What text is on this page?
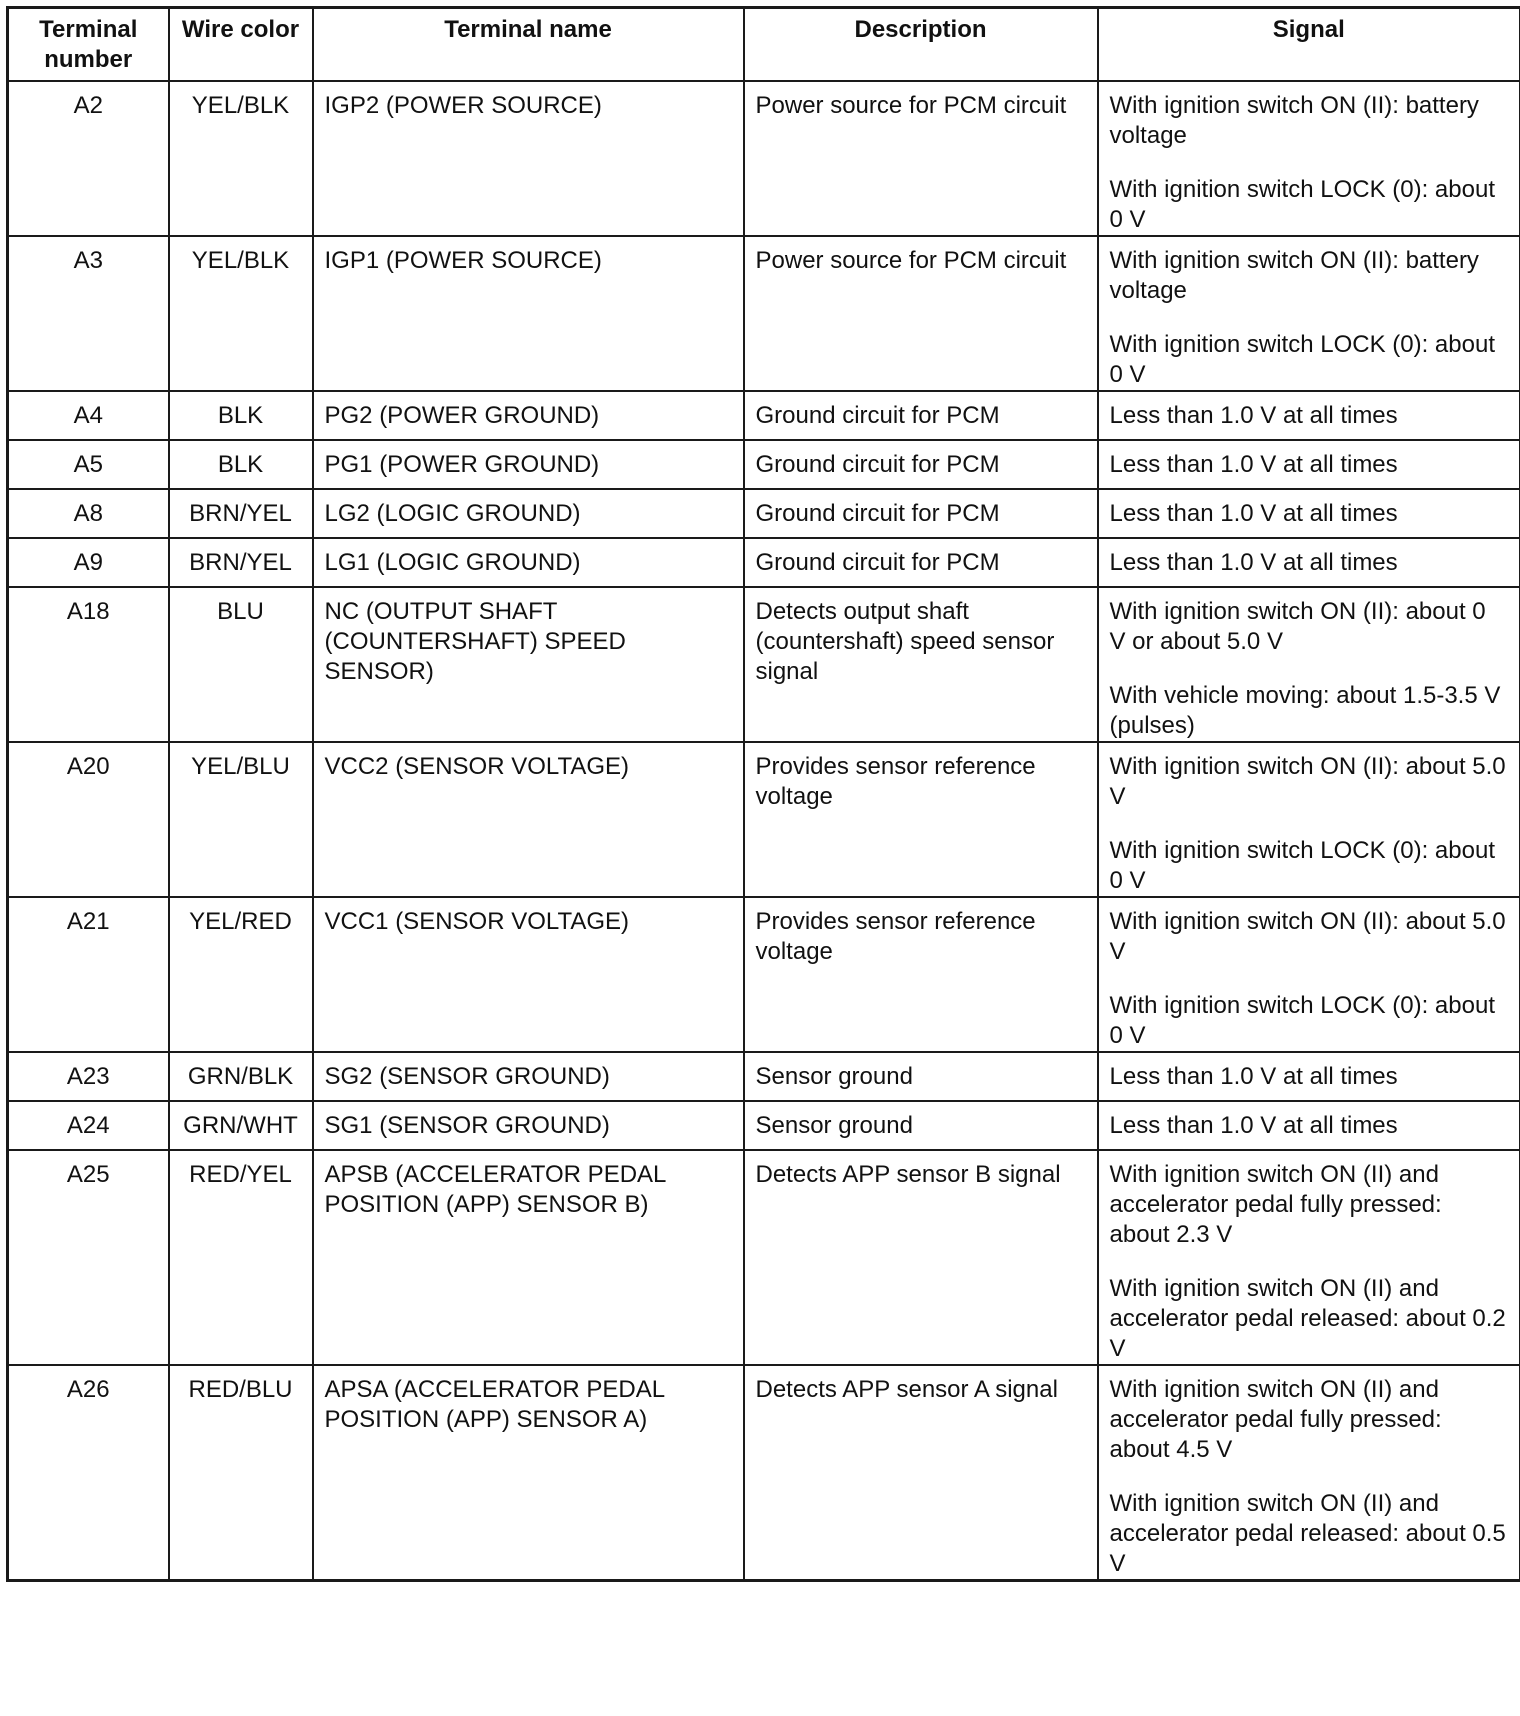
Terminal number	Wire color	Terminal name	Description	Signal
A2	YEL/BLK	IGP2 (POWER SOURCE)	Power source for PCM circuit	With ignition switch ON (II): battery voltage

With ignition switch LOCK (0): about 0 V

A3	YEL/BLK	IGP1 (POWER SOURCE)	Power source for PCM circuit	With ignition switch ON (II): battery voltage

With ignition switch LOCK (0): about 0 V

A4	BLK	PG2 (POWER GROUND)	Ground circuit for PCM	Less than 1.0 V at all times

A5	BLK	PG1 (POWER GROUND)	Ground circuit for PCM	Less than 1.0 V at all times

A8	BRN/YEL	LG2 (LOGIC GROUND)	Ground circuit for PCM	Less than 1.0 V at all times

A9	BRN/YEL	LG1 (LOGIC GROUND)	Ground circuit for PCM	Less than 1.0 V at all times

A18	BLU	NC (OUTPUT SHAFT (COUNTERSHAFT) SPEED SENSOR)	Detects output shaft (countershaft) speed sensor signal	With ignition switch ON (II): about 0 V or about 5.0 V

With vehicle moving: about 1.5-3.5 V (pulses)

A20	YEL/BLU	VCC2 (SENSOR VOLTAGE)	Provides sensor reference voltage	With ignition switch ON (II): about 5.0 V

With ignition switch LOCK (0): about 0 V

A21	YEL/RED	VCC1 (SENSOR VOLTAGE)	Provides sensor reference voltage	With ignition switch ON (II): about 5.0 V

With ignition switch LOCK (0): about 0 V

A23	GRN/BLK	SG2 (SENSOR GROUND)	Sensor ground	Less than 1.0 V at all times

A24	GRN/WHT	SG1 (SENSOR GROUND)	Sensor ground	Less than 1.0 V at all times

A25	RED/YEL	APSB (ACCELERATOR PEDAL POSITION (APP) SENSOR B)	Detects APP sensor B signal	With ignition switch ON (II) and accelerator pedal fully pressed: about 2.3 V

With ignition switch ON (II) and accelerator pedal released: about 0.2 V

A26	RED/BLU	APSA (ACCELERATOR PEDAL POSITION (APP) SENSOR A)	Detects APP sensor A signal	With ignition switch ON (II) and accelerator pedal fully pressed: about 4.5 V

With ignition switch ON (II) and accelerator pedal released: about 0.5 V
